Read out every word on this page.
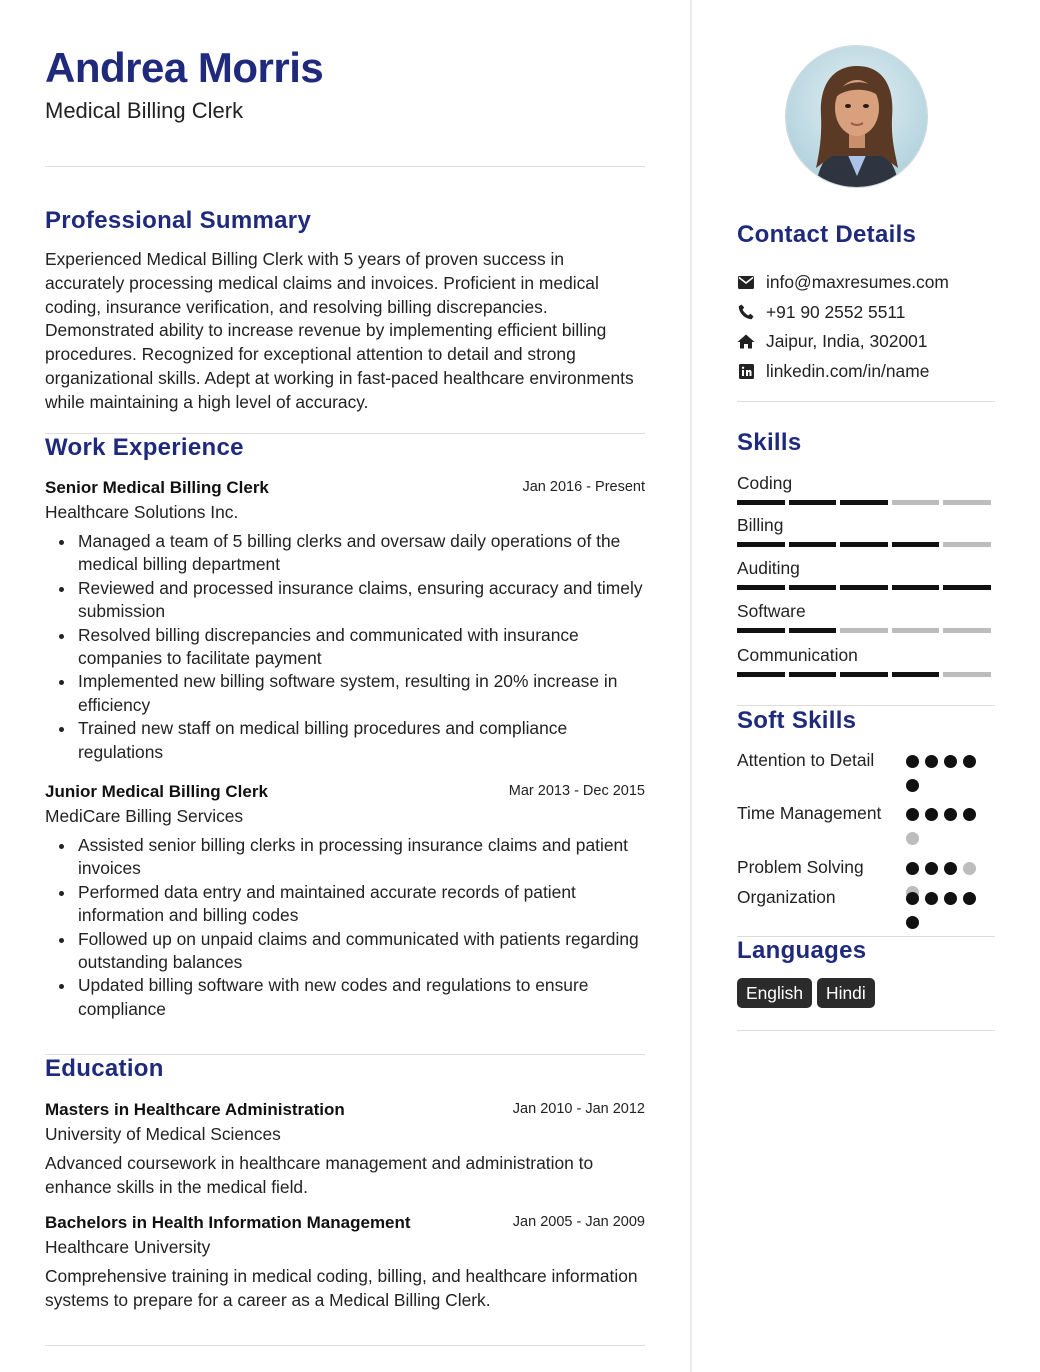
Andrea Morris
Medical Billing Clerk
Professional Summary
Experienced Medical Billing Clerk with 5 years of proven success in accurately processing medical claims and invoices. Proficient in medical coding, insurance verification, and resolving billing discrepancies. Demonstrated ability to increase revenue by implementing efficient billing procedures. Recognized for exceptional attention to detail and strong organizational skills. Adept at working in fast-paced healthcare environments while maintaining a high level of accuracy.
Work Experience
Senior Medical Billing Clerk	Jan 2016 - Present
Healthcare Solutions Inc.
Managed a team of 5 billing clerks and oversaw daily operations of the medical billing department
Reviewed and processed insurance claims, ensuring accuracy and timely submission
Resolved billing discrepancies and communicated with insurance companies to facilitate payment
Implemented new billing software system, resulting in 20% increase in efficiency
Trained new staff on medical billing procedures and compliance regulations
Junior Medical Billing Clerk	Mar 2013 - Dec 2015
MediCare Billing Services
Assisted senior billing clerks in processing insurance claims and patient invoices
Performed data entry and maintained accurate records of patient information and billing codes
Followed up on unpaid claims and communicated with patients regarding outstanding balances
Updated billing software with new codes and regulations to ensure compliance
Education
Masters in Healthcare Administration	Jan 2010 - Jan 2012
University of Medical Sciences
Advanced coursework in healthcare management and administration to enhance skills in the medical field.
Bachelors in Health Information Management	Jan 2005 - Jan 2009
Healthcare University
Comprehensive training in medical coding, billing, and healthcare information systems to prepare for a career as a Medical Billing Clerk.
Contact Details
info@maxresumes.com
+91 90 2552 5511
Jaipur, India, 302001
linkedin.com/in/name
Skills
Coding
Billing
Auditing
Software
Communication
Soft Skills
Attention to Detail
Time Management
Problem Solving
Organization
Languages
English	Hindi
